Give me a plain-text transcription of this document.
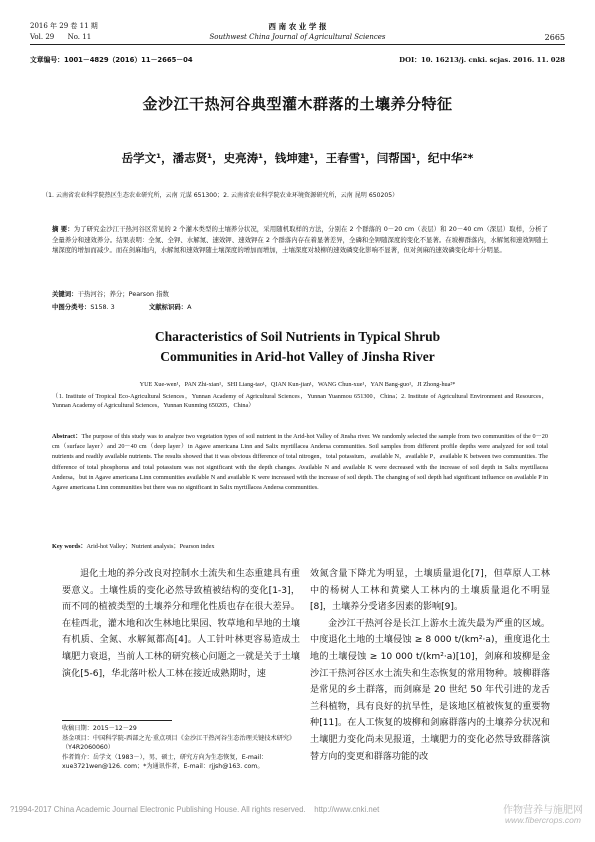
2016 年 29 卷 11 期
Vol. 29      No. 11
西 南 农 业 学 报
Southwest China Journal of Agricultural Sciences	2665
文章编号：1001－4829（2016）11－2665－04	DOI：10. 16213/j. cnki. scjas. 2016. 11. 028
金沙江干热河谷典型灌木群落的土壤养分特征
岳学文¹，潘志贤¹，史亮涛¹，钱坤建¹，王春雪¹，闫帮国¹，纪中华²*
（1. 云南省农业科学院热区生态农业研究所，云南 元谋 651300；2. 云南省农业科学院农业环境资源研究所，云南 昆明 650205）
摘 要：为了研究金沙江干热河谷区常见的 2 个灌木类型的土壤养分状况，采用随机取样的方法，分别在 2 个群落的 0－20 cm（表层）和 20－40 cm（深层）取样，分析了全量养分和速效养分。结果表明：全氮、全钾、水解氮、速效钾、速效钾在 2 个群落内存在着显著差异，全磷和全钾随深度的变化不显著。在坡柳群落内，水解氮和速效钾随土壤深度的增加而减少。而在剑麻地内，水解氮和速效钾随土壤深度的增加而增加，土壤深度对坡柳的速效磷变化影响不显著，但对剑麻的速效磷变化却十分明显。
关键词：干热河谷；养分；Pearson 指数
中图分类号：S158. 3	文献标识码：A
Characteristics of Soil Nutrients in Typical Shrub
Communities in Arid-hot Valley of Jinsha River
YUE Xue-wen¹，PAN Zhi-xian¹，SHI Liang-tao¹，QIAN Kun-jian¹，WANG Chun-xue¹，YAN Bang-guo¹，JI Zhong-hua²*
（1. Institute of Tropical Eco-Agricultural Sciences，Yunnan Academy of Agricultural Sciences，Yunnan Yuanmou 651300，China；2. Institute of Agricultural Environment and Resources，Yunnan Academy of Agricultural Sciences，Yunnan Kunming 650205，China）
Abstract：The purpose of this study was to analyze two vegetation types of soil nutrient in the Arid-hot Valley of Jinsha river. We randomly selected the sample from two communities of the 0－20 cm（surface layer）and 20－40 cm（deep layer）in Agave americana Linn and Salix myrtillacea Andersa communities. Soil samples from different profile depths were analyzed for soil total nutrients and readily available nutrients. The results showed that it was obvious difference of total nitrogen，total potassium，available N，available P，available K between two communities. The difference of total phosphorus and total potassium was not significant with the depth changes. Available N and available K were decreased with the increase of soil depth in Salix myrtillacea Andersa，but in Agave americana Linn communities available N and available K were increased with the increase of soil depth. The changing of soil depth had significant influence on available P in Agave americana Linn communities but there was no significant in Salix myrtillacea Andersa communities.
Key words：Arid-hot Valley；Nutrient analysis；Pearson index

退化土地的养分改良对控制水土流失和生态重建具有重要意义。土壤性质的变化必然导致植被结构的变化[1-3]，而不同的植被类型的土壤养分和理化性质也存在很大差异。在桂西北，灌木地和次生林地比果园、牧草地和旱地的土壤有机质、全氮、水解氮都高[4]。人工针叶林更容易造成土壤肥力衰退，当前人工林的研究核心问题之一就是关于土壤演化[5-6]，华北落叶松人工林在接近成熟期时，速

效氮含量下降尤为明显，土壤质量退化[7]，但草原人工林中的杨树人工林和黄檗人工林内的土壤质量退化不明显[8]，土壤养分受诸多因素的影响[9]。

金沙江干热河谷是长江上游水土流失最为严重的区域。中度退化土地的土壤侵蚀 ≥ 8 000 t/(km²·a)，重度退化土地的土壤侵蚀 ≥ 10 000 t/(km²·a)[10]，剑麻和坡柳是金沙江干热河谷区水土流失和生态恢复的常用物种。坡柳群落是常见的乡土群落，而剑麻是 20 世纪 50 年代引进的龙舌兰科植物，具有良好的抗旱性，是该地区植被恢复的重要物种[11]。在人工恢复的坡柳和剑麻群落内的土壤养分状况和土壤肥力变化尚未见报道，土壤肥力的变化必然导致群落演替方向的变更和群落功能的改

收稿日期：2015－12－29
基金项目：中国科学院-西部之光·重点项目《金沙江干热河谷生态治理关键技术研究》（Y4R2060060）
作者简介：岳学文（1983－），男，硕士，研究方向为生态恢复，E-mail：xue3721wen@126. com；*为通讯作者，E-mail：rjjsh@163. com。
?1994-2017 China Academic Journal Electronic Publishing House. All rights reserved.    http://www.cnki.net	作物营养与施肥网
www.fibercrops.com
